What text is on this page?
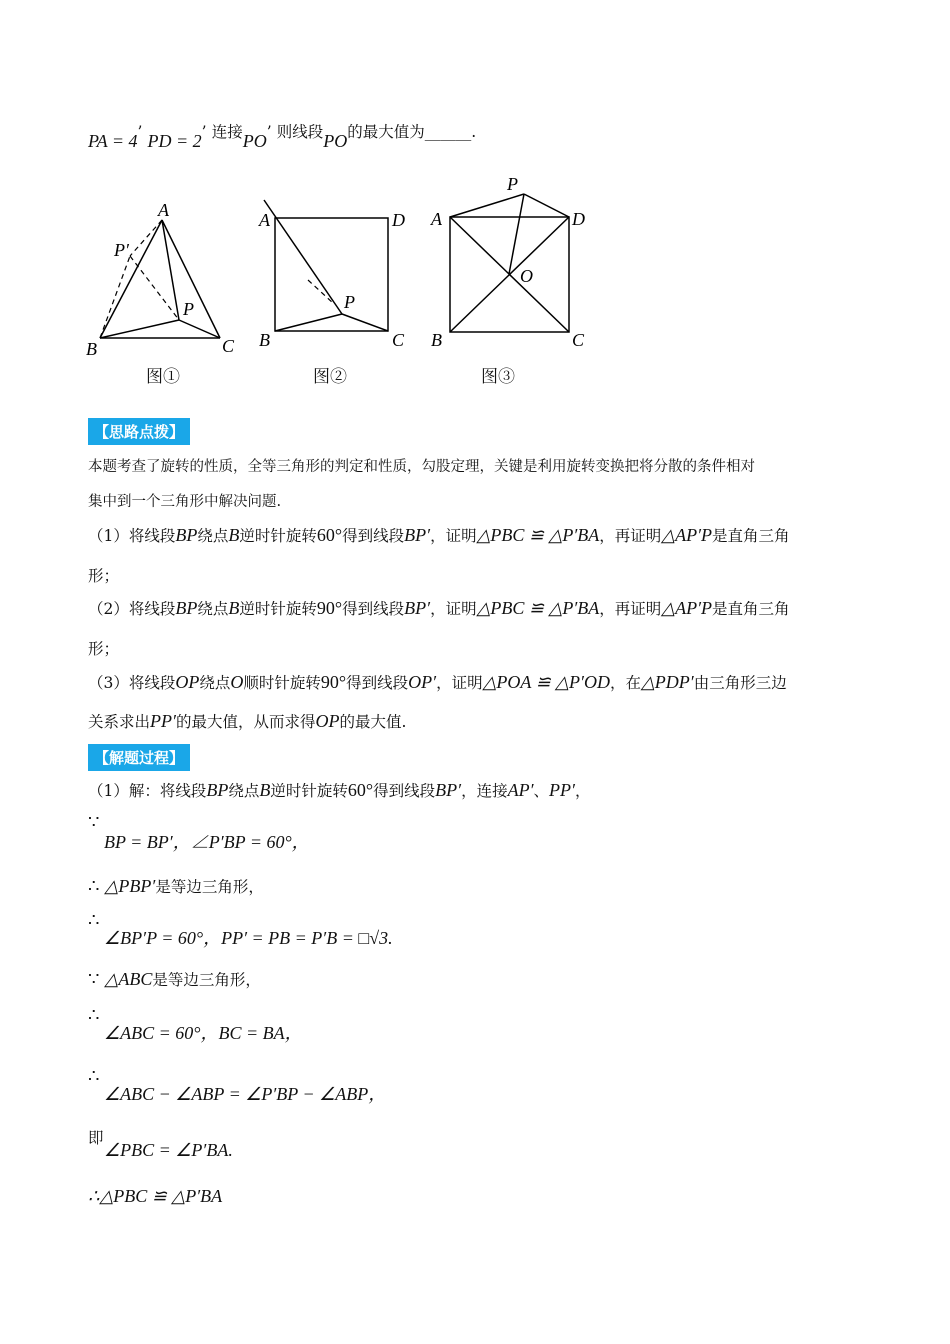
PA = 4’ PD = 2’ 连接PO’ 则线段PO的最大值为______.
A
B	C
P
P′
图①
A	D
B	C
P
图②
P
A	D
B	C
O
图③
【思路点拨】
本题考查了旋转的性质，全等三角形的判定和性质，勾股定理，关键是利用旋转变换把将分散的条件相对
集中到一个三角形中解决问题.
（1）将线段BP绕点B逆时针旋转60°得到线段BP′，证明△PBC ≌ △P′BA，再证明△AP′P是直角三角
形；
（2）将线段BP绕点B逆时针旋转90°得到线段BP′，证明△PBC ≌ △P′BA，再证明△AP′P是直角三角
形；
（3）将线段OP绕点O顺时针旋转90°得到线段OP′，证明△POA ≌ △P′OD，在△PDP′由三角形三边
关系求出PP′的最大值，从而求得OP的最大值.
【解题过程】
（1）解：将线段BP绕点B逆时针旋转60°得到线段BP′，连接AP′、PP′，
∵
BP = BP′，∠P′BP = 60°，
∴ △PBP′是等边三角形，
∴
∠BP′P = 60°，PP′ = PB = P′B = □√3.
∵ △ABC是等边三角形，
∴
∠ABC = 60°，BC = BA，
∴
∠ABC − ∠ABP = ∠P′BP − ∠ABP，
即
∠PBC = ∠P′BA.
∴△PBC ≌ △P′BA
